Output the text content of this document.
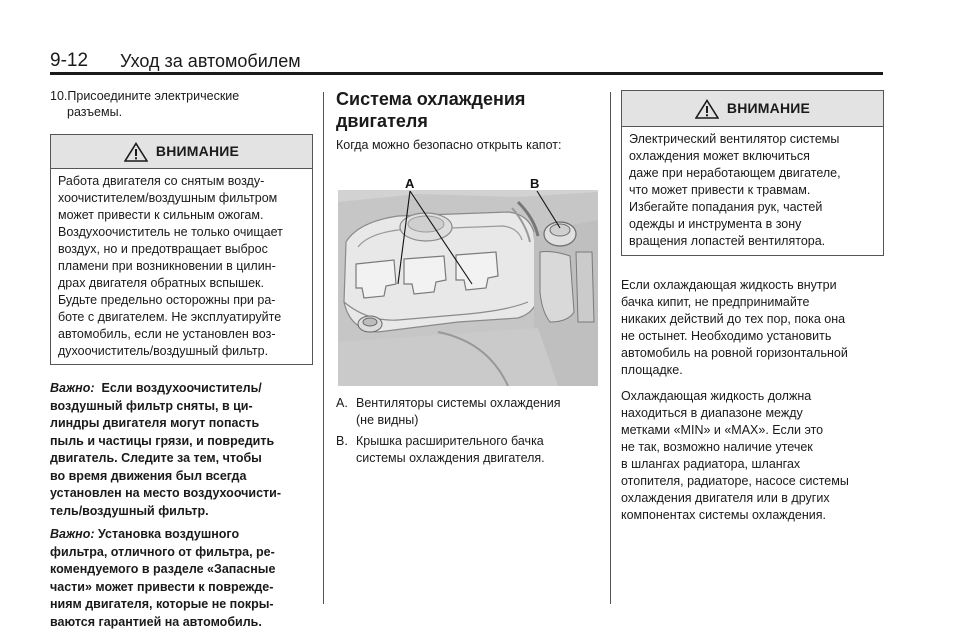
9-12 Уход за автомобилем
10.Присоедините электрические
разъемы.
ВНИМАНИЕ
Работа двигателя со снятым возду-
хоочистителем/воздушным фильтром
может привести к сильным ожогам.
Воздухоочиститель не только очищает
воздух, но и предотвращает выброс
пламени при возникновении в цилин-
драх двигателя обратных вспышек.
Будьте предельно осторожны при ра-
боте с двигателем. Не эксплуатируйте
автомобиль, если не установлен воз-
духоочиститель/воздушный фильтр.
Важно: Если воздухоочиститель/
воздушный фильтр сняты, в ци-
линдры двигателя могут попасть
пыль и частицы грязи, и повредить
двигатель. Следите за тем, чтобы
во время движения был всегда
установлен на место воздухоочисти-
тель/воздушный фильтр.
Важно: Установка воздушного
фильтра, отличного от фильтра, ре-
комендуемого в разделе «Запасные
части» может привести к поврежде-
ниям двигателя, которые не покры-
ваются гарантией на автомобиль.
Система охлаждения
двигателя

Когда можно безопасно открыть капот:

A	B
A. Вентиляторы системы охлаждения
(не видны)
B. Крышка расширительного бачка
системы охлаждения двигателя.
ВНИМАНИЕ
Электрический вентилятор системы
охлаждения может включиться
даже при неработающем двигателе,
что может привести к травмам.
Избегайте попадания рук, частей
одежды и инструмента в зону
вращения лопастей вентилятора.
Если охлаждающая жидкость внутри
бачка кипит, не предпринимайте
никаких действий до тех пор, пока она
не остынет. Необходимо установить
автомобиль на ровной горизонтальной
площадке.
Охлаждающая жидкость должна
находиться в диапазоне между
метками «MIN» и «MAX». Если это
не так, возможно наличие утечек
в шлангах радиатора, шлангах
отопителя, радиаторе, насосе системы
охлаждения двигателя или в других
компонентах системы охлаждения.
